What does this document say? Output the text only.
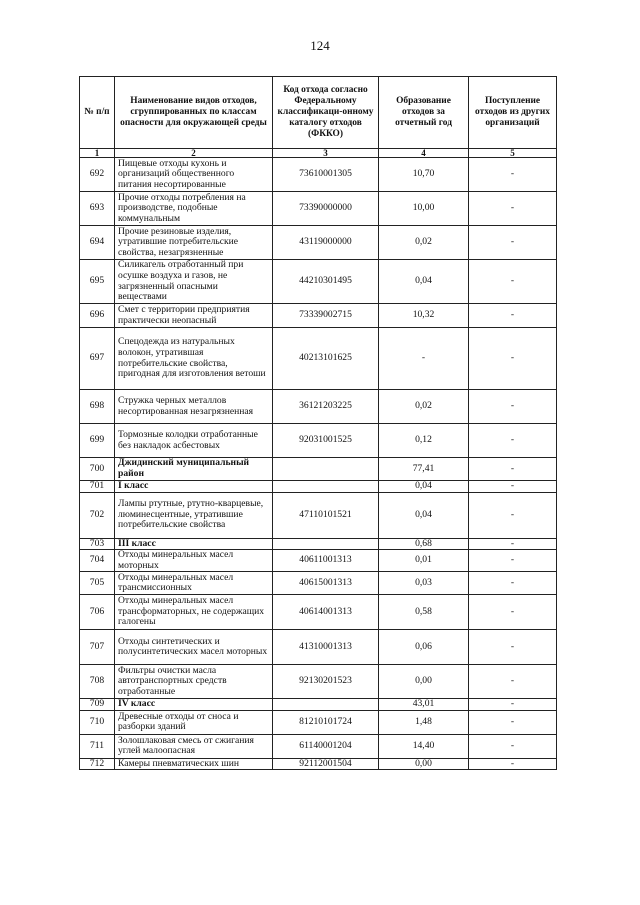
124
№ п/п	Наименование видов отходов, сгруппированных по классам опасности для окружающей среды	Код отхода согласно Федеральному классификаци-онному каталогу отходов (ФККО)	Образование отходов за отчетный год	Поступление отходов из других организаций
1	2	3	4	5
692	Пищевые отходы кухонь и организаций общественного питания несортированные	73610001305	10,70	-
693	Прочие отходы потребления на производстве, подобные коммунальным	73390000000	10,00	-
694	Прочие резиновые изделия, утратившие потребительские свойства, незагрязненные	43119000000	0,02	-
695	Силикагель отработанный при осушке воздуха и газов, не загрязненный опасными веществами	44210301495	0,04	-
696	Смет с территории предприятия практически неопасный	73339002715	10,32	-
697	Спецодежда из натуральных волокон, утратившая потребительские свойства, пригодная для изготовления ветоши	40213101625	-	-
698	Стружка черных металлов несортированная незагрязненная	36121203225	0,02	-
699	Тормозные колодки отработанные без накладок асбестовых	92031001525	0,12	-
700	Джидинский муниципальный район		77,41	-
701	I класс		0,04	-
702	Лампы ртутные, ртутно-кварцевые, люминесцентные, утратившие потребительские свойства	47110101521	0,04	-
703	III класс		0,68	-
704	Отходы минеральных масел моторных	40611001313	0,01	-
705	Отходы минеральных масел трансмиссионных	40615001313	0,03	-
706	Отходы минеральных масел трансформаторных, не содержащих галогены	40614001313	0,58	-
707	Отходы синтетических и полусинтетических масел моторных	41310001313	0,06	-
708	Фильтры очистки масла автотранспортных средств отработанные	92130201523	0,00	-
709	IV класс		43,01	-
710	Древесные отходы от сноса и разборки зданий	81210101724	1,48	-
711	Золошлаковая смесь от сжигания углей малоопасная	61140001204	14,40	-
712	Камеры пневматических шин	92112001504	0,00	-
